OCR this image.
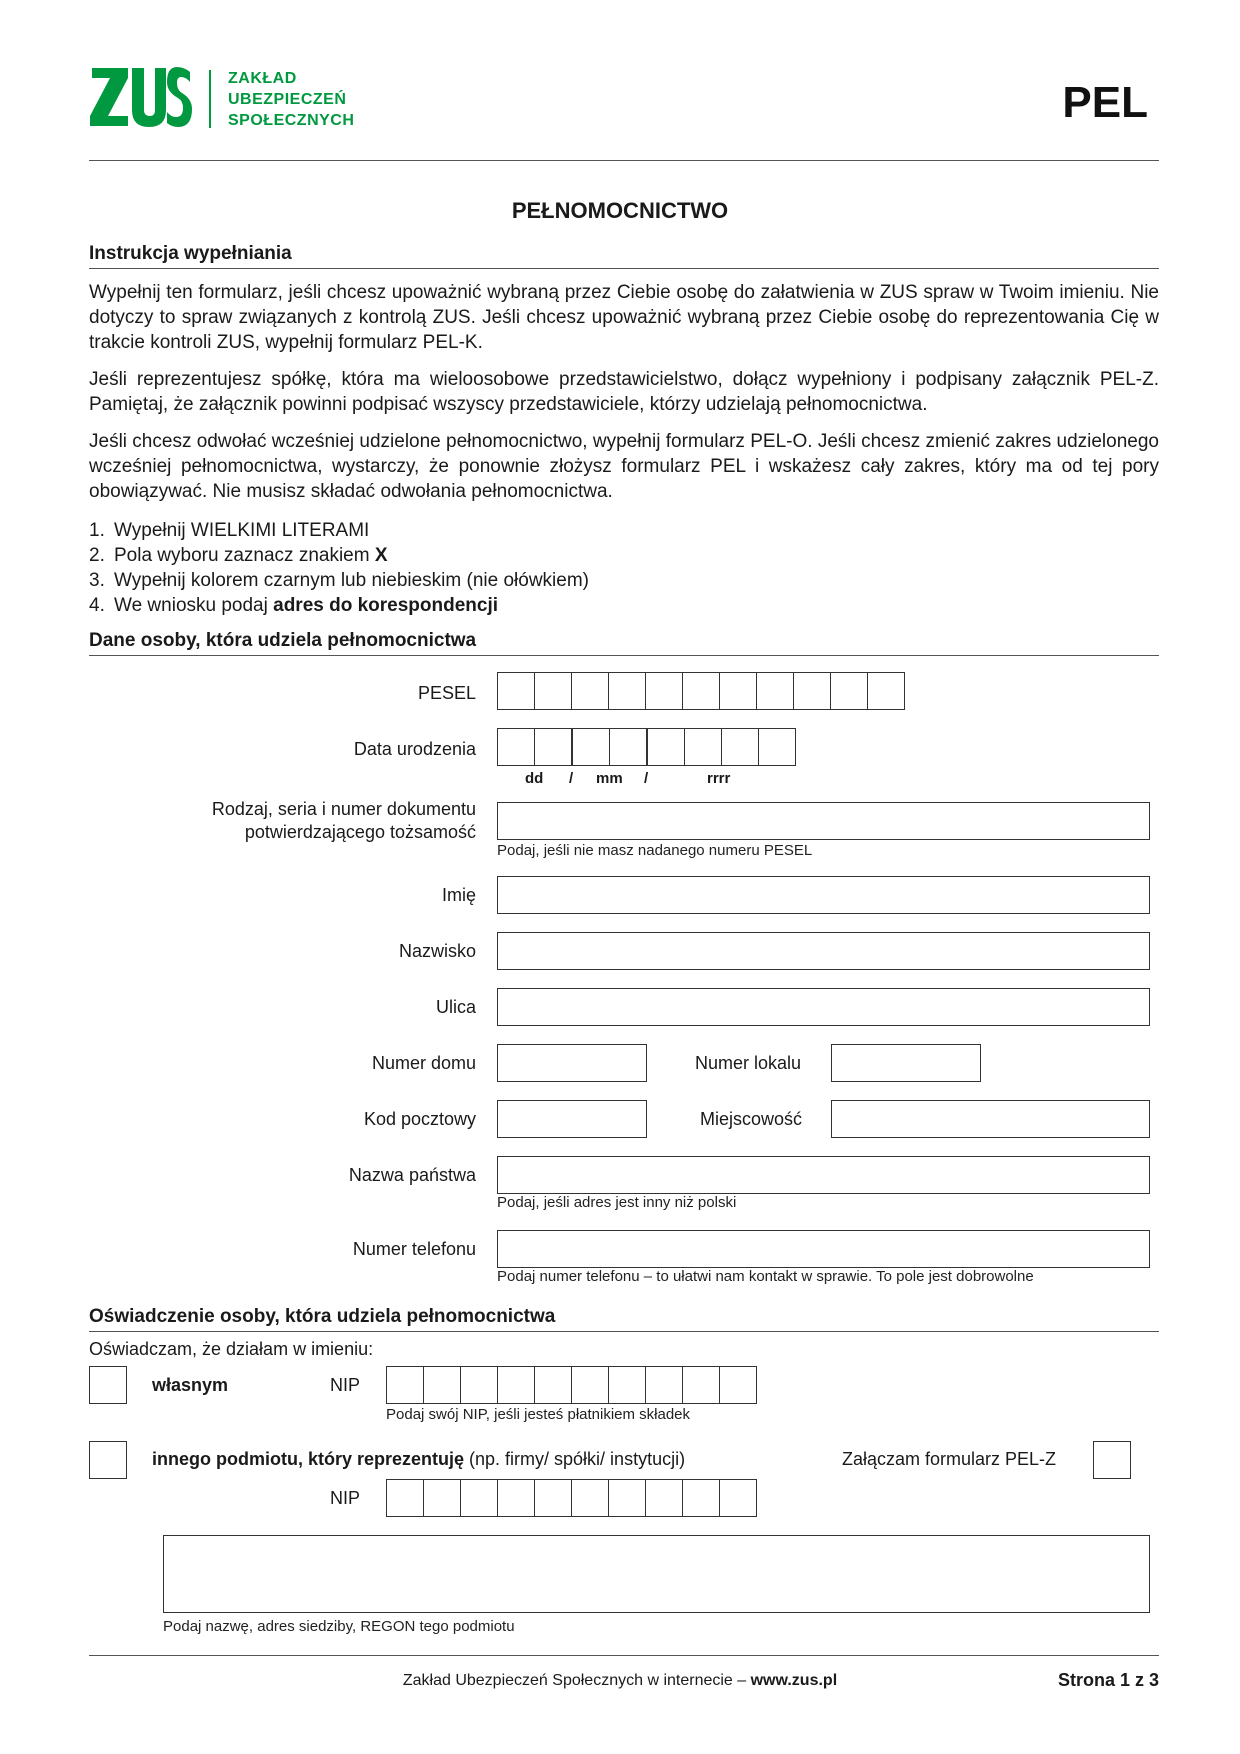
ZAKŁAD
UBEZPIECZEŃ
SPOŁECZNYCH	PEL
PEŁNOMOCNICTWO
Instrukcja wypełniania

Wypełnij ten formularz, jeśli chcesz upoważnić wybraną przez Ciebie osobę do załatwienia w ZUS spraw w Twoim imieniu. Nie dotyczy to spraw związanych z kontrolą ZUS. Jeśli chcesz upoważnić wybraną przez Ciebie osobę do reprezentowania Cię w trakcie kontroli ZUS, wypełnij formularz PEL-K.

Jeśli reprezentujesz spółkę, która ma wieloosobowe przedstawicielstwo, dołącz wypełniony i podpisany załącznik PEL-Z. Pamiętaj, że załącznik powinni podpisać wszyscy przedstawiciele, którzy udzielają pełnomocnictwa.

Jeśli chcesz odwołać wcześniej udzielone pełnomocnictwo, wypełnij formularz PEL-O. Jeśli chcesz zmienić zakres udzielonego wcześniej pełnomocnictwa, wystarczy, że ponownie złożysz formularz PEL i wskażesz cały zakres, który ma od tej pory obowiązywać. Nie musisz składać odwołania pełnomocnictwa.

1. Wypełnij WIELKIMI LITERAMI
2. Pola wyboru zaznacz znakiem X
3. Wypełnij kolorem czarnym lub niebieskim (nie ołówkiem)
4. We wniosku podaj adres do korespondencji
Dane osoby, która udziela pełnomocnictwa
PESEL
Data urodzenia
dd / mm /	rrrr
Rodzaj, seria i numer dokumentu
potwierdzającego tożsamość
Podaj, jeśli nie masz nadanego numeru PESEL
Imię
Nazwisko
Ulica
Numer domu	Numer lokalu
Kod pocztowy	Miejscowość
Nazwa państwa
Podaj, jeśli adres jest inny niż polski
Numer telefonu
Podaj numer telefonu – to ułatwi nam kontakt w sprawie. To pole jest dobrowolne
Oświadczenie osoby, która udziela pełnomocnictwa
Oświadczam, że działam w imieniu:
własnym	NIP
Podaj swój NIP, jeśli jesteś płatnikiem składek
innego podmiotu, który reprezentuję (np. firmy/ spółki/ instytucji)	Załączam formularz PEL-Z
NIP
Podaj nazwę, adres siedziby, REGON tego podmiotu
Zakład Ubezpieczeń Społecznych w internecie – www.zus.pl	Strona 1 z 3
